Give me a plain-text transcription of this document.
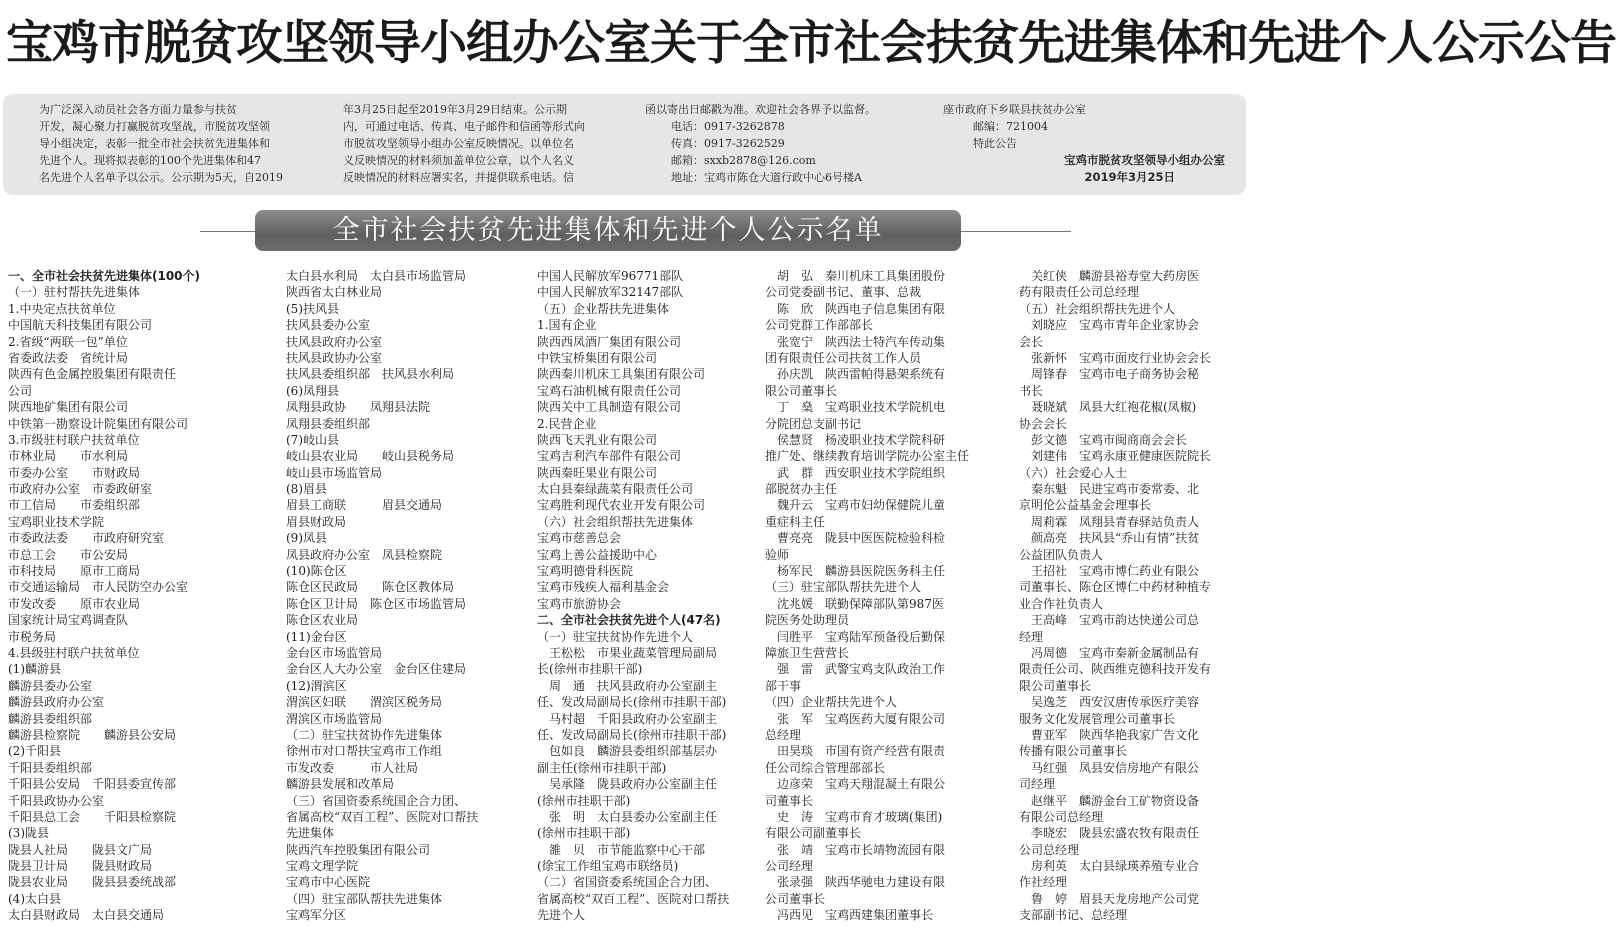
宝鸡市脱贫攻坚领导小组办公室关于全市社会扶贫先进集体和先进个人公示公告

为广泛深入动员社会各方面力量参与扶贫

开发，凝心聚力打赢脱贫攻坚战，市脱贫攻坚领

导小组决定，表彰一批全市社会扶贫先进集体和

先进个人。现将拟表彰的100个先进集体和47

名先进个人名单予以公示。公示期为5天，自2019

年3月25日起至2019年3月29日结束。公示期

内，可通过电话、传真、电子邮件和信函等形式向

市脱贫攻坚领导小组办公室反映情况。以单位名

义反映情况的材料须加盖单位公章，以个人名义

反映情况的材料应署实名，并提供联系电话。信

函以寄出日邮戳为准。欢迎社会各界予以监督。

电话：0917-3262878

传真：0917-3262529

邮箱：sxxb2878@126.com

地址：宝鸡市陈仓大道行政中心6号楼A

座市政府下乡联县扶贫办公室

邮编：721004

特此公告

宝鸡市脱贫攻坚领导小组办公室

2019年3月25日

全市社会扶贫先进集体和先进个人公示名单

一、全市社会扶贫先进集体(100个)

（一）驻村帮扶先进集体

1.中央定点扶贫单位

中国航天科技集团有限公司

2.省级“两联一包”单位

省委政法委　省统计局

陕西有色金属控股集团有限责任

公司

陕西地矿集团有限公司

中铁第一勘察设计院集团有限公司

3.市级驻村联户扶贫单位

市林业局　　市水利局

市委办公室　　市财政局

市政府办公室　市委政研室

市工信局　　市委组织部

宝鸡职业技术学院

市委政法委　　市政府研究室

市总工会　　市公安局

市科技局　　原市工商局

市交通运输局　市人民防空办公室

市发改委　　原市农业局

国家统计局宝鸡调查队

市税务局

4.县级驻村联户扶贫单位

(1)麟游县

麟游县委办公室

麟游县政府办公室

麟游县委组织部

麟游县检察院　　麟游县公安局

(2)千阳县

千阳县委组织部

千阳县公安局　千阳县委宣传部

千阳县政协办公室

千阳县总工会　　千阳县检察院

(3)陇县

陇县人社局　　陇县文广局

陇县卫计局　　陇县财政局

陇县农业局　　陇县县委统战部

(4)太白县

太白县财政局　太白县交通局

太白县水利局　太白县市场监管局

陕西省太白林业局

(5)扶风县

扶风县委办公室

扶风县政府办公室

扶风县政协办公室

扶风县委组织部　扶风县水利局

(6)凤翔县

凤翔县政协　　凤翔县法院

凤翔县委组织部

(7)岐山县

岐山县农业局　　岐山县税务局

岐山县市场监管局

(8)眉县

眉县工商联　　　眉县交通局

眉县财政局

(9)凤县

凤县政府办公室　凤县检察院

(10)陈仓区

陈仓区民政局　　陈仓区教体局

陈仓区卫计局　陈仓区市场监管局

陈仓区农业局

(11)金台区

金台区市场监管局

金台区人大办公室　金台区住建局

(12)渭滨区

渭滨区妇联　　渭滨区税务局

渭滨区市场监管局

（二）驻宝扶贫协作先进集体

徐州市对口帮扶宝鸡市工作组

市发改委　　　市人社局

麟游县发展和改革局

（三）省国资委系统国企合力团、

省属高校“双百工程”、医院对口帮扶

先进集体

陕西汽车控股集团有限公司

宝鸡文理学院

宝鸡市中心医院

（四）驻宝部队帮扶先进集体

宝鸡军分区

中国人民解放军96771部队

中国人民解放军32147部队

（五）企业帮扶先进集体

1.国有企业

陕西西凤酒厂集团有限公司

中铁宝桥集团有限公司

陕西秦川机床工具集团有限公司

宝鸡石油机械有限责任公司

陕西关中工具制造有限公司

2.民营企业

陕西飞天乳业有限公司

宝鸡吉利汽车部件有限公司

陕西秦旺果业有限公司

太白县秦绿蔬菜有限责任公司

宝鸡胜利现代农业开发有限公司

（六）社会组织帮扶先进集体

宝鸡市慈善总会

宝鸡上善公益援助中心

宝鸡明德骨科医院

宝鸡市残疾人福利基金会

宝鸡市旅游协会

二、全市社会扶贫先进个人(47名)

（一）驻宝扶贫协作先进个人

　王松松　市果业蔬菜管理局副局

长(徐州市挂职干部)

　周　通　扶风县政府办公室副主

任、发改局副局长(徐州市挂职干部)

　马村超　千阳县政府办公室副主

任、发改局副局长(徐州市挂职干部)

　包如良　麟游县委组织部基层办

副主任(徐州市挂职干部)

　吴承隆　陇县政府办公室副主任

(徐州市挂职干部)

　张　明　太白县委办公室副主任

(徐州市挂职干部)

　雒　贝　市节能监察中心干部

(徐宝工作组宝鸡市联络员)

（二）省国资委系统国企合力团、

省属高校“双百工程”、医院对口帮扶

先进个人

　胡　弘　秦川机床工具集团股份

公司党委副书记、董事、总裁

　陈　欣　陕西电子信息集团有限

公司党群工作部部长

　张宽宁　陕西法士特汽车传动集

团有限责任公司扶贫工作人员

　孙庆凯　陕西雷帕得悬架系统有

限公司董事长

　丁　燊　宝鸡职业技术学院机电

分院团总支副书记

　侯慧贤　杨凌职业技术学院科研

推广处、继续教育培训学院办公室主任

　武　群　西安职业技术学院组织

部脱贫办主任

　魏升云　宝鸡市妇幼保健院儿童

重症科主任

　曹亮亮　陇县中医医院检验科检

验师

　杨军民　麟游县医院医务科主任

（三）驻宝部队帮扶先进个人

　沈兆媛　联勤保障部队第987医

院医务处助理员

　闫胜平　宝鸡陆军预备役后勤保

障旅卫生营营长

　强　雷　武警宝鸡支队政治工作

部干事

（四）企业帮扶先进个人

　张　军　宝鸡医药大厦有限公司

总经理

　田昊琰　市国有资产经营有限责

任公司综合管理部部长

　边彦荣　宝鸡天翔混凝土有限公

司董事长

　史　涛　宝鸡市育才玻璃(集团)

有限公司副董事长

　张　靖　宝鸡市长靖物流园有限

公司经理

　张录强　陕西华驰电力建设有限

公司董事长

　冯西见　宝鸡西建集团董事长

　关红侠　麟游县裕寿堂大药房医

药有限责任公司总经理

（五）社会组织帮扶先进个人

　刘晓应　宝鸡市青年企业家协会

会长

　张新怀　宝鸡市面皮行业协会会长

　周锋春　宝鸡市电子商务协会秘

书长

　聂晓斌　凤县大红袍花椒(凤椒)

协会会长

　彭文德　宝鸡市闽商商会会长

　刘建伟　宝鸡永康亚健康医院院长

（六）社会爱心人士

　秦东魁　民进宝鸡市委常委、北

京明伦公益基金会理事长

　周莉霖　凤翔县青春驿站负责人

　颜高亮　扶风县“乔山有情”扶贫

公益团队负责人

　王招社　宝鸡市博仁药业有限公

司董事长、陈仓区博仁中药材种植专

业合作社负责人

　王高峰　宝鸡市韵达快递公司总

经理

　冯周德　宝鸡市秦新金属制品有

限责任公司、陕西维克德科技开发有

限公司董事长

　吴逸芝　西安汉唐传承医疗美容

服务文化发展管理公司董事长

　曹亚军　陕西华艳我家广告文化

传播有限公司董事长

　马红强　凤县安信房地产有限公

司经理

　赵继平　麟游金台工矿物资设备

有限公司总经理

　李晓宏　陇县宏盛农牧有限责任

公司总经理

　房利英　太白县绿瑛养殖专业合

作社经理

　鲁　婷　眉县天龙房地产公司党

支部副书记、总经理
